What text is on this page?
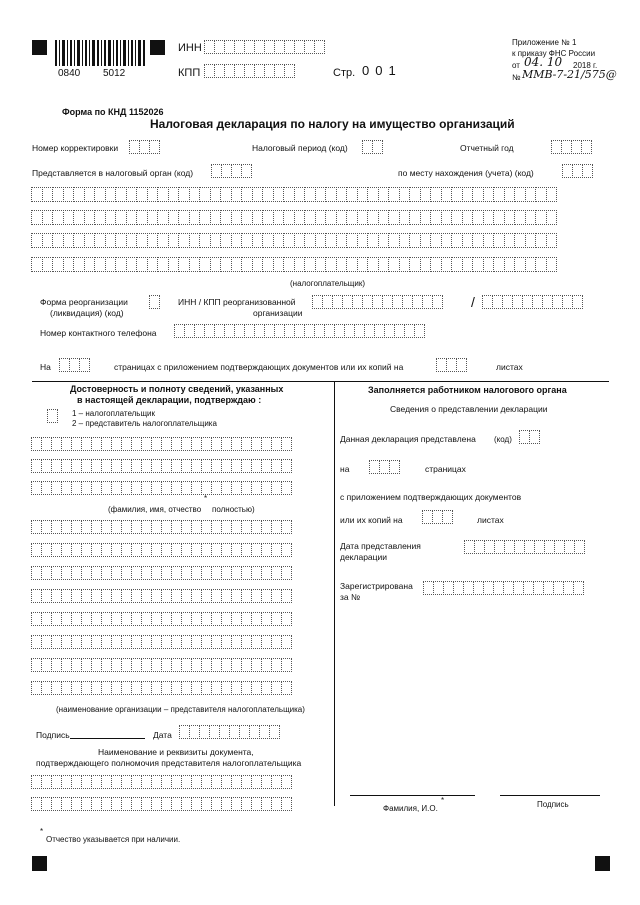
0840 5012
ИНН
КПП	Стр. 001
Приложение № 1
к приказу ФНС России
от 04. 10 2018 г.
№ ММВ-7-21/575@
Форма по КНД 1152026
Налоговая декларация по налогу на имущество организаций
Номер корректировки	Налоговый период (код)	Отчетный год
Представляется в налоговый орган (код)	по месту нахождения (учета) (код)
(налогоплательщик)
Форма реорганизации
(ликвидация) (код)
ИНН / КПП реорганизованной
организации
/
Номер контактного телефона
На	страницах с приложением подтверждающих документов или их копий на	листах
Достоверность и полноту сведений, указанных
в настоящей декларации, подтверждаю :
1 – налогоплательщик
2 – представитель налогоплательщика
(фамилия, имя, отчество
*
полностью)
(наименование организации – представителя налогоплательщика)
Подпись	Дата
Наименование и реквизиты документа,
подтверждающего полномочия представителя налогоплательщика
Заполняется работником налогового органа
Сведения о представлении декларации
Данная декларация представлена (код)
на	страницах
с приложением подтверждающих документов
или их копий на	листах
Дата представления
декларации
Зарегистрирована
за №
Фамилия, И.О.
*	Подпись
*
Отчество указывается при наличии.
